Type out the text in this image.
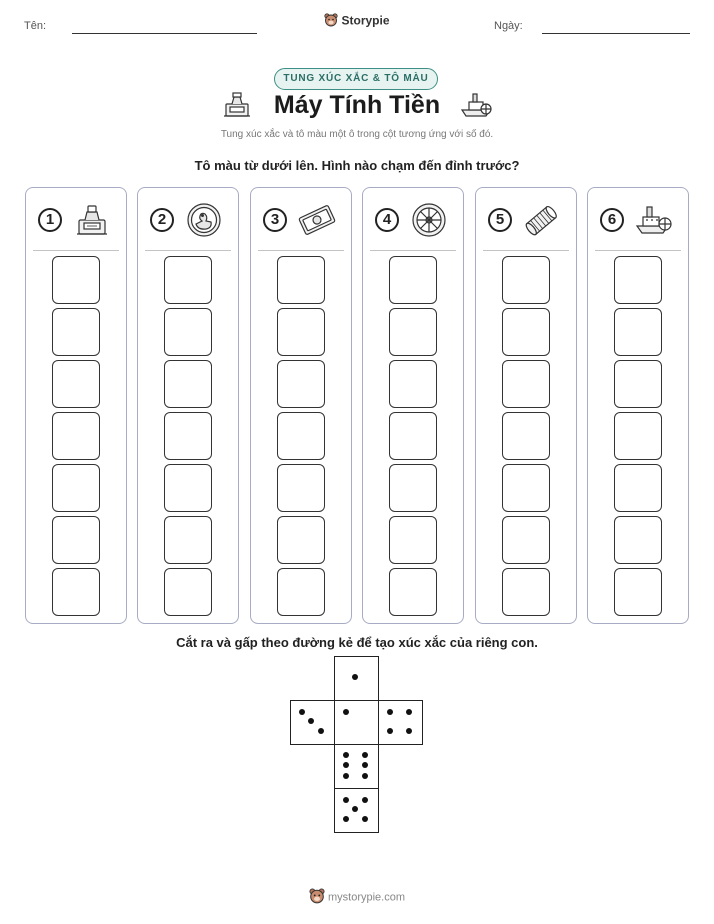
Tên:	Ngày:
Storypie
TUNG XÚC XẮC & TÔ MÀU
Máy Tính Tiền
Tung xúc xắc và tô màu một ô trong cột tương ứng với số đó.
Tô màu từ dưới lên. Hình nào chạm đến đỉnh trước?
1	2	3	4	5	6
Cắt ra và gấp theo đường kẻ để tạo xúc xắc của riêng con.
mystorypie.com
